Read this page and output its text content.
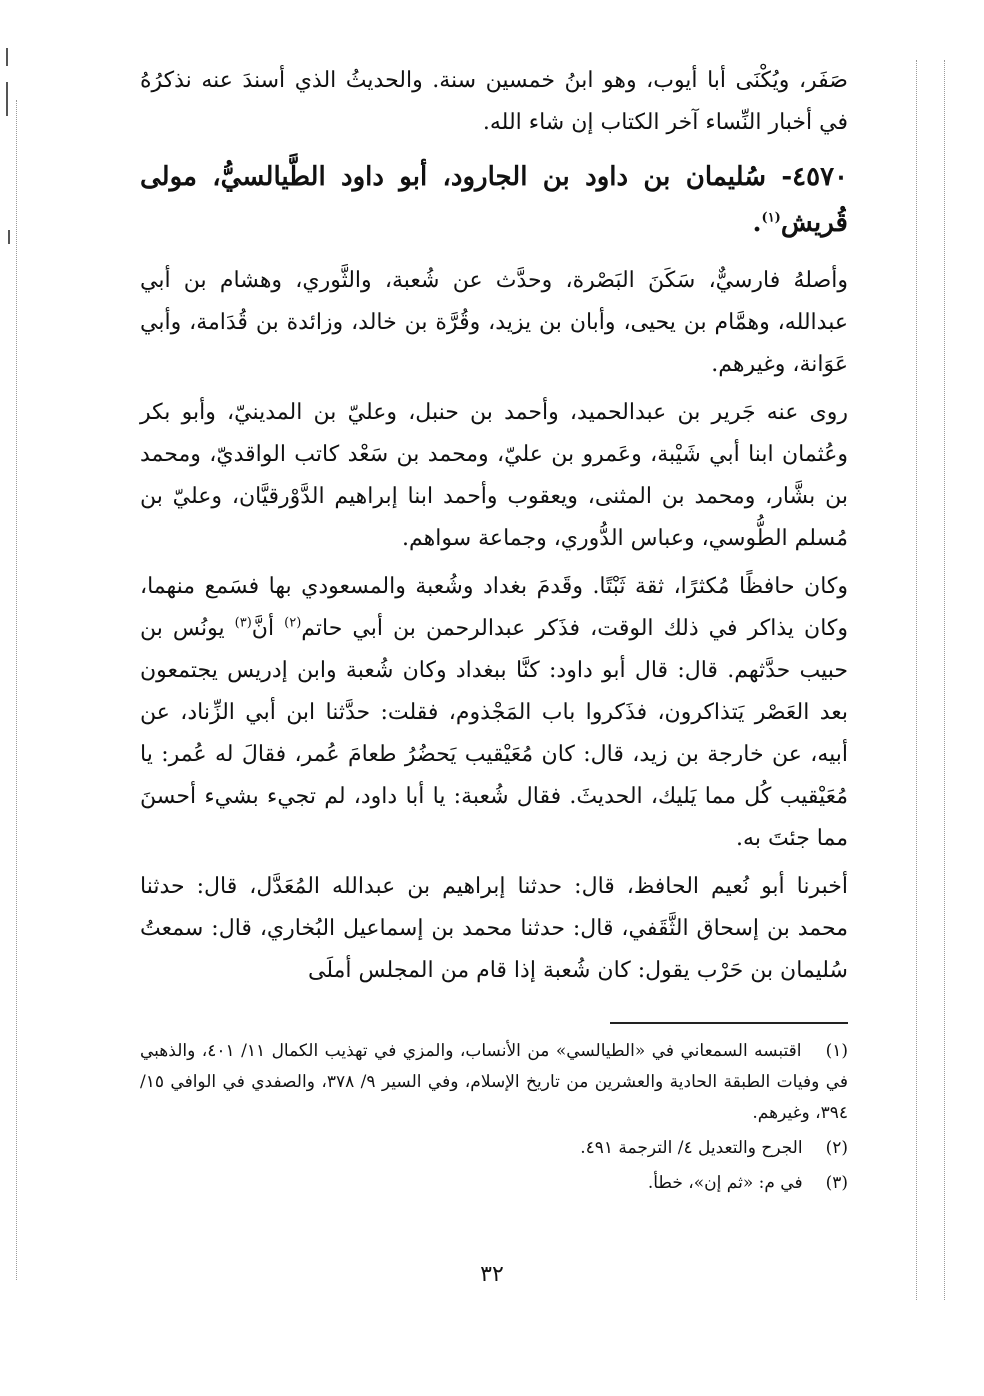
صَفَر، ويُكْنَى أبا أيوب، وهو ابنُ خمسين سنة. والحديثُ الذي أسندَ عنه نذكرُهُ في أخبار النِّساء آخر الكتاب إن شاء الله.

٤٥٧٠- سُليمان بن داود بن الجارود، أبو داود الطَّيالسيُّ، مولى قُريش$^{(١)}$.

وأصلهُ فارسيٌّ، سَكَنَ البَصْرة، وحدَّث عن شُعبة، والثَّوري، وهشام بن أبي عبدالله، وهمَّام بن يحيى، وأبان بن يزيد، وقُرَّة بن خالد، وزائدة بن قُدَامة، وأبي عَوَانة، وغيرهم.

روى عنه جَرير بن عبدالحميد، وأحمد بن حنبل، وعليّ بن المدينيّ، وأبو بكر وعُثمان ابنا أبي شَيْبة، وعَمرو بن عليّ، ومحمد بن سَعْد كاتب الواقديّ، ومحمد بن بشَّار، ومحمد بن المثنى، ويعقوب وأحمد ابنا إبراهيم الدَّوْرقيَّان، وعليّ بن مُسلم الطُّوسي، وعباس الدُّوري، وجماعة سواهم.

وكان حافظًا مُكثرًا، ثقة ثَبْتًا. وقَدمَ بغداد وشُعبة والمسعودي بها فسَمع منهما، وكان يذاكر في ذلك الوقت، فذَكر عبدالرحمن بن أبي حاتم$^{(٢)}$ أنَّ$^{(٣)}$ يونُس بن حبيب حدَّثهم. قال: قال أبو داود: كنَّا ببغداد وكان شُعبة وابن إدريس يجتمعون بعد العَصْر يَتذاكرون، فذَكروا باب المَجْذوم، فقلت: حدَّثنا ابن أبي الزِّناد، عن أبيه، عن خارجة بن زيد، قال: كان مُعَيْقيب يَحضُرُ طعامَ عُمر، فقالَ له عُمر: يا مُعَيْقيب كُل مما يَليك، الحديثَ. فقال شُعبة: يا أبا داود، لم تجيء بشيء أحسنَ مما جئتَ به.

أخبرنا أبو نُعيم الحافظ، قال: حدثنا إبراهيم بن عبدالله المُعَدَّل، قال: حدثنا محمد بن إسحاق الثَّقَفي، قال: حدثنا محمد بن إسماعيل البُخاري، قال: سمعتُ سُليمان بن حَرْب يقول: كان شُعبة إذا قام من المجلس أملَى

(١) اقتبسه السمعاني في «الطيالسي» من الأنساب، والمزي في تهذيب الكمال ١١/ ٤٠١، والذهبي في وفيات الطبقة الحادية والعشرين من تاريخ الإسلام، وفي السير ٩/ ٣٧٨، والصفدي في الوافي ١٥/ ٣٩٤، وغيرهم.

(٢) الجرح والتعديل ٤/ الترجمة ٤٩١.

(٣) في م: «ثم إن»، خطأ.

٣٢
